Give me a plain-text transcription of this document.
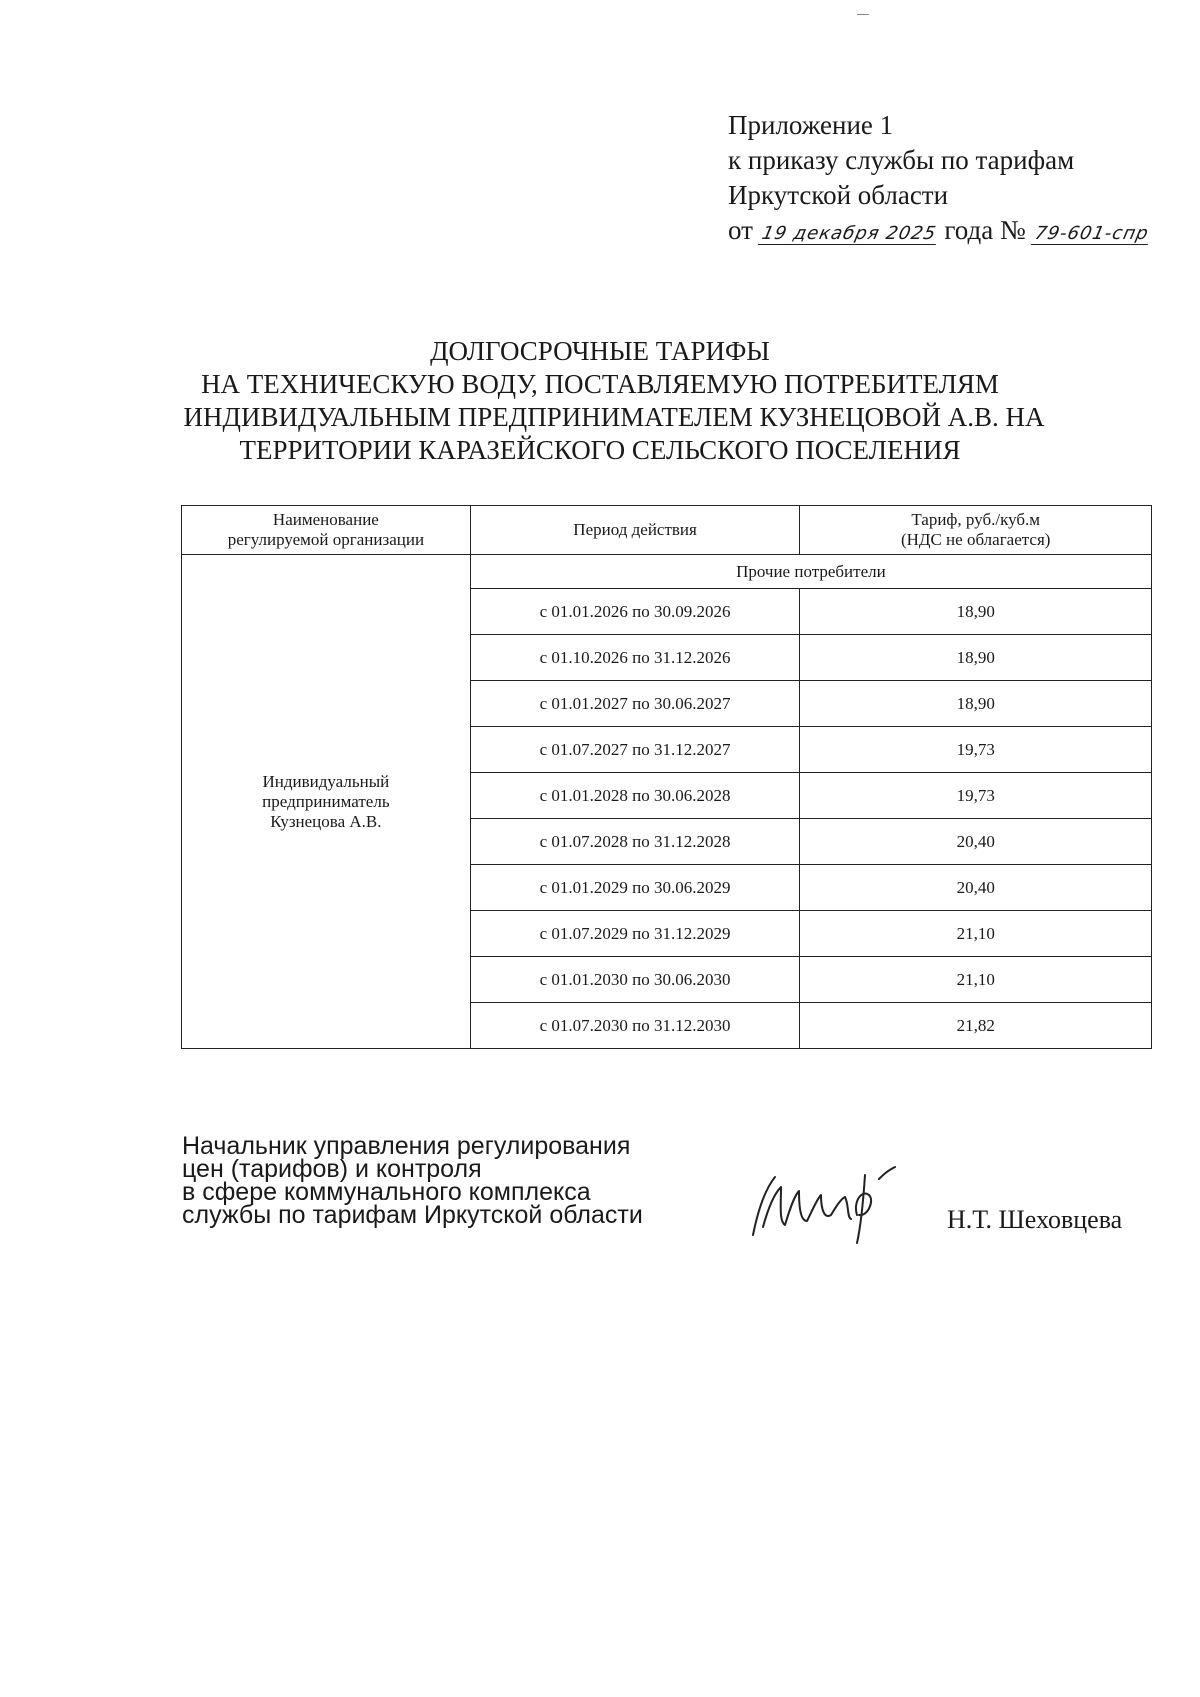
Приложение 1
к приказу службы по тарифам
Иркутской области
от 19 декабря 2025 года № 79-601-спр
ДОЛГОСРОЧНЫЕ ТАРИФЫ
НА ТЕХНИЧЕСКУЮ ВОДУ, ПОСТАВЛЯЕМУЮ ПОТРЕБИТЕЛЯМ
ИНДИВИДУАЛЬНЫМ ПРЕДПРИНИМАТЕЛЕМ КУЗНЕЦОВОЙ А.В. НА
ТЕРРИТОРИИ КАРАЗЕЙСКОГО СЕЛЬСКОГО ПОСЕЛЕНИЯ
Наименование
регулируемой организации	Период действия	Тариф, руб./куб.м
(НДС не облагается)
Индивидуальный
предприниматель
Кузнецова А.В.	Прочие потребители	
	с 01.01.2026 по 30.09.2026	18,90
	с 01.10.2026 по 31.12.2026	18,90
	с 01.01.2027 по 30.06.2027	18,90
	с 01.07.2027 по 31.12.2027	19,73
	с 01.01.2028 по 30.06.2028	19,73
	с 01.07.2028 по 31.12.2028	20,40
	с 01.01.2029 по 30.06.2029	20,40
	с 01.07.2029 по 31.12.2029	21,10
	с 01.01.2030 по 30.06.2030	21,10
	с 01.07.2030 по 31.12.2030	21,82
Начальник управления регулирования
цен (тарифов) и контроля
в сфере коммунального комплекса
службы по тарифам Иркутской области	Н.Т. Шеховцева
